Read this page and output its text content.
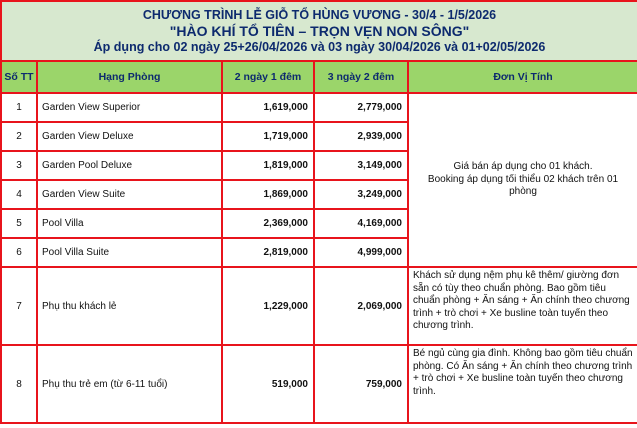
CHƯƠNG TRÌNH LỄ GIỖ TỔ HÙNG VƯƠNG - 30/4 - 1/5/2026
"HÀO KHÍ TỔ TIÊN – TRỌN VẸN NON SÔNG"
Áp dụng cho 02 ngày 25+26/04/2026 và 03 ngày 30/04/2026 và 01+02/05/2026				

Số TT	Hạng Phòng	2 ngày 1 đêm	3 ngày 2 đêm	Đơn Vị Tính
1	Garden View Superior	1,619,000	2,779,000	Giá bán áp dụng cho 01 khách.
Booking áp dụng tối thiểu 02 khách trên 01 phòng
2	Garden View Deluxe	1,719,000	2,939,000	
3	Garden Pool Deluxe	1,819,000	3,149,000	
4	Garden View Suite	1,869,000	3,249,000	
5	Pool Villa	2,369,000	4,169,000	
6	Pool Villa Suite	2,819,000	4,999,000	
7	Phụ thu khách lẻ	1,229,000	2,069,000	Khách sử dụng nệm phụ kê thêm/ giường đơn sẵn có tùy theo chuẩn phòng. Bao gồm tiêu chuẩn phòng + Ăn sáng + Ăn chính theo chương trình + trò chơi + Xe busline toàn tuyến theo chương trình.
8	Phụ thu trẻ em (từ 6-11 tuổi)	519,000	759,000	Bé ngủ cùng gia đình. Không bao gồm tiêu chuẩn phòng. Có Ăn sáng + Ăn chính theo chương trình + trò chơi + Xe busline toàn tuyến theo chương trình.
